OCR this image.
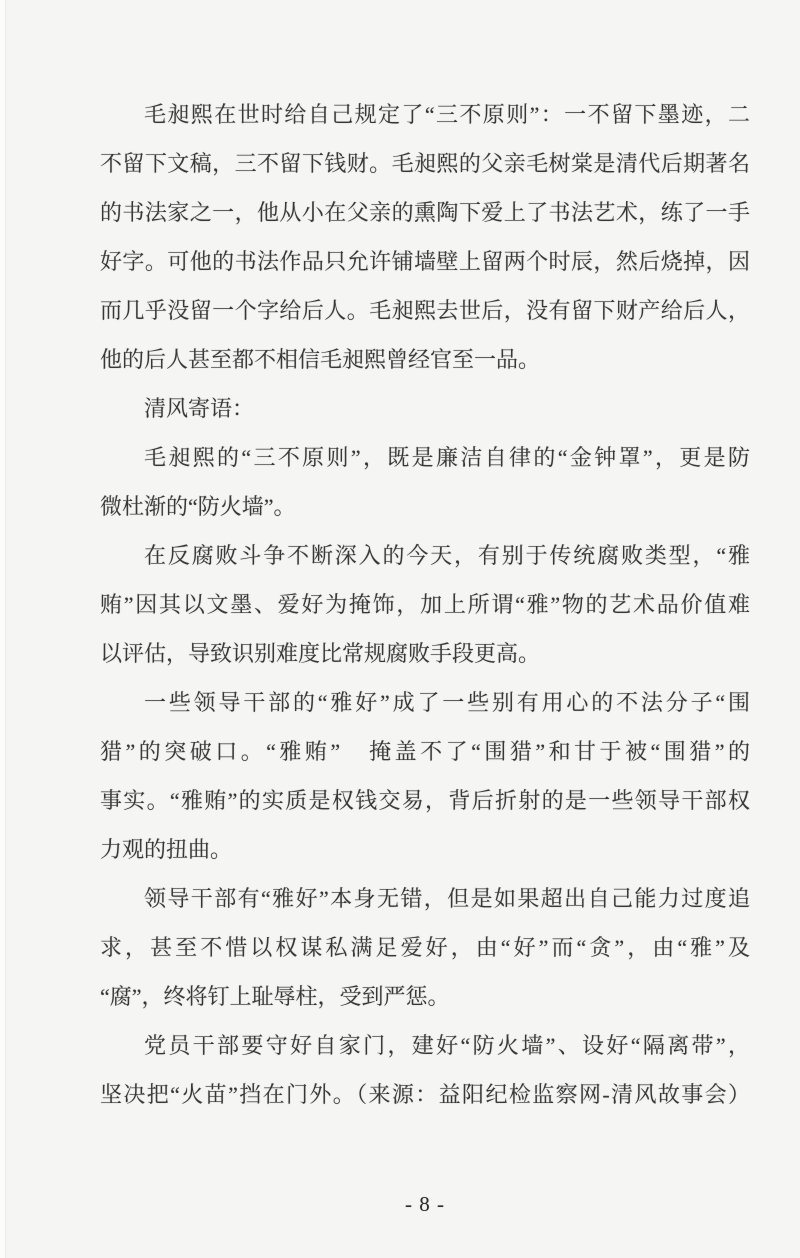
毛昶熙在世时给自己规定了“三不原则”：一不留下墨迹，二
不留下文稿，三不留下钱财。毛昶熙的父亲毛树棠是清代后期著名
的书法家之一，他从小在父亲的熏陶下爱上了书法艺术，练了一手
好字。可他的书法作品只允许铺墙壁上留两个时辰，然后烧掉，因
而几乎没留一个字给后人。毛昶熙去世后，没有留下财产给后人，
他的后人甚至都不相信毛昶熙曾经官至一品。
清风寄语：
毛昶熙的“三不原则”，既是廉洁自律的“金钟罩”，更是防
微杜渐的“防火墙”。
在反腐败斗争不断深入的今天，有别于传统腐败类型，“雅
贿”因其以文墨、爱好为掩饰，加上所谓“雅”物的艺术品价值难
以评估，导致识别难度比常规腐败手段更高。
一些领导干部的“雅好”成了一些别有用心的不法分子“围
猎”的突破口。“雅贿”　掩盖不了“围猎”和甘于被“围猎”的
事实。“雅贿”的实质是权钱交易，背后折射的是一些领导干部权
力观的扭曲。
领导干部有“雅好”本身无错，但是如果超出自己能力过度追
求，甚至不惜以权谋私满足爱好，由“好”而“贪”，由“雅”及
“腐”，终将钉上耻辱柱，受到严惩。
党员干部要守好自家门，建好“防火墙”、设好“隔离带”，
坚决把“火苗”挡在门外。（来源：益阳纪检监察网-清风故事会）
- 8 -
